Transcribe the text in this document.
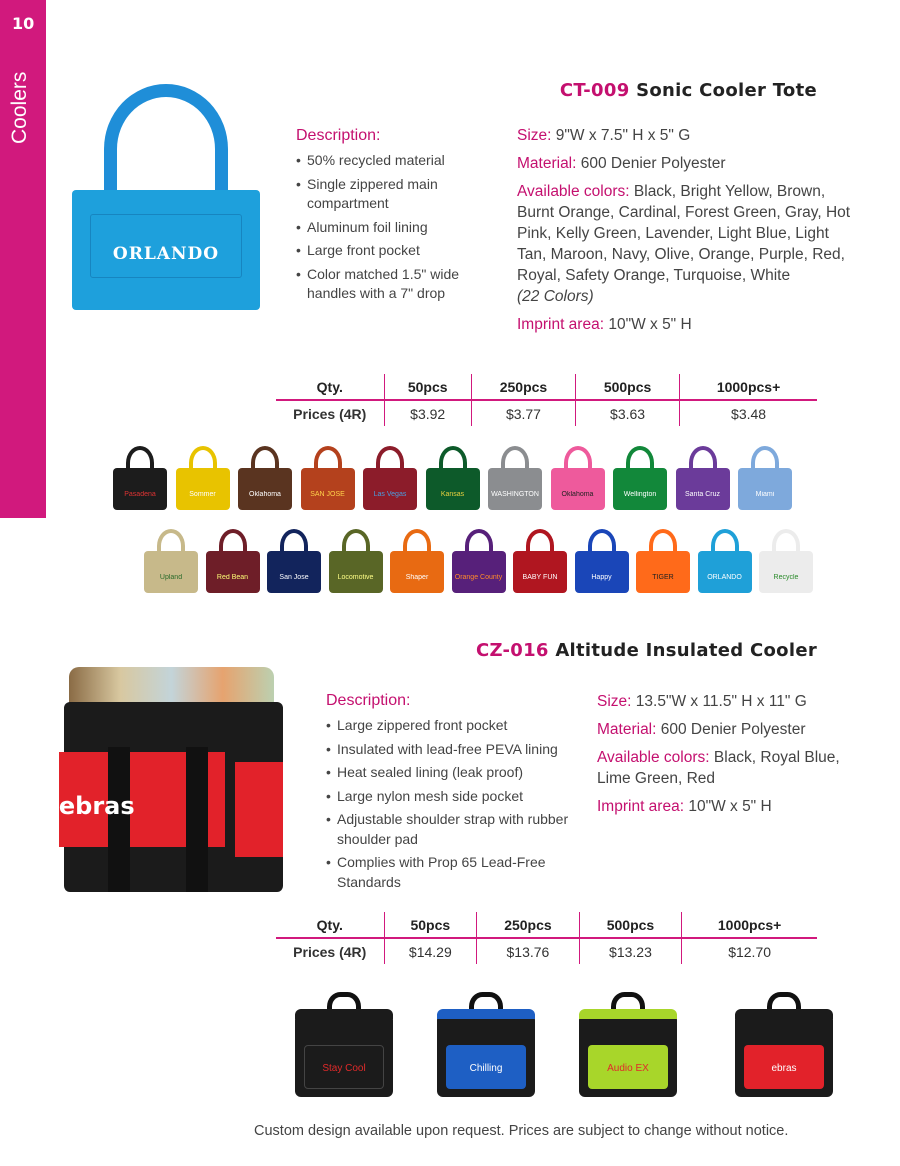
10
Coolers	CT-009 Sonic Cooler Tote
ORLANDO
Description:
• 50% recycled material
• Single zippered main compartment
• Aluminum foil lining
• Large front pocket
• Color matched 1.5" wide handles with a 7" drop

Size: 9"W x 7.5" H x 5" G

Material: 600 Denier Polyester

Available colors: Black, Bright Yellow, Brown, Burnt Orange, Cardinal, Forest Green, Gray, Hot Pink, Kelly Green, Lavender, Light Blue, Light Tan, Maroon, Navy, Olive, Orange, Purple, Red, Royal, Safety Orange, Turquoise, White
(22 Colors)

Imprint area: 10"W x 5" H

Qty.	50pcs	250pcs	500pcs	1000pcs+
Prices (4R)	$3.92	$3.77	$3.63	$3.48
Pasadena	Sommer	Oklahoma	SAN JOSE	Las Vegas	Kansas	WASHINGTON	Oklahoma	Wellington	Santa Cruz	Miami
Upland	Red Bean	San Jose	Locomotive	Shaper	Orange County	BABY FUN	Happy	TIGER	ORLANDO	Recycle
CZ-016 Altitude Insulated Cooler
ebras
Description:
• Large zippered front pocket
• Insulated with lead-free PEVA lining
• Heat sealed lining (leak proof)
• Large nylon mesh side pocket
• Adjustable shoulder strap with rubber shoulder pad
• Complies with Prop 65 Lead-Free Standards

Size: 13.5"W x 11.5" H x 11" G

Material: 600 Denier Polyester

Available colors: Black, Royal Blue, Lime Green, Red

Imprint area: 10"W x 5" H

Qty.	50pcs	250pcs	500pcs	1000pcs+
Prices (4R)	$14.29	$13.76	$13.23	$12.70
Stay Cool	Chilling	Audio EX	ebras
Custom design available upon request. Prices are subject to change without notice.
